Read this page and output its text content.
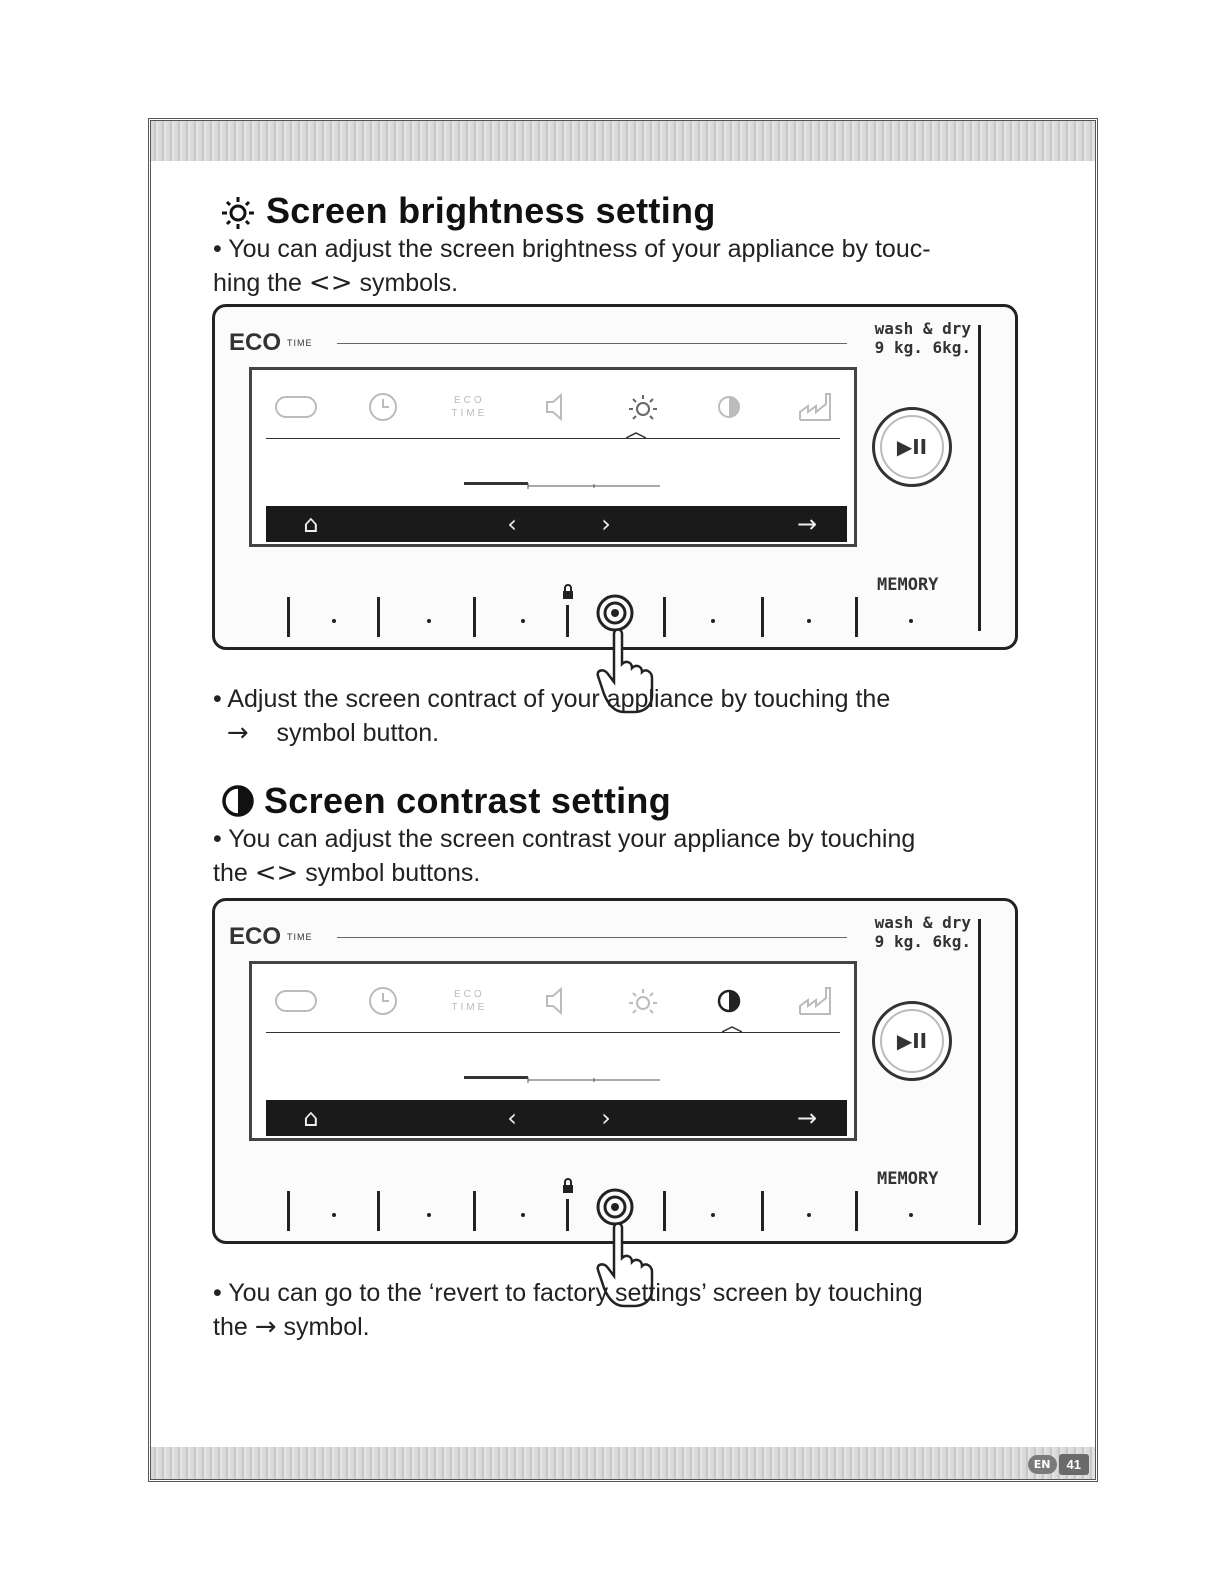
EN	41
Screen brightness setting

• You can adjust the screen brightness of your appliance by touc-
hing the <> symbols.

ECO TIME
wash & dry
9 kg. 6kg.
ECO
TIME
⌂	‹	›	→
▶II
MEMORY

• Adjust the screen contract of your appliance by touching the
→ symbol button.

Screen contrast setting

• You can adjust the screen contrast your appliance by touching
the <> symbol buttons.

ECO TIME
wash & dry
9 kg. 6kg.
ECO
TIME
⌂	‹	›	→
▶II
MEMORY

• You can go to the ‘revert to factory settings’ screen by touching
the → symbol.
